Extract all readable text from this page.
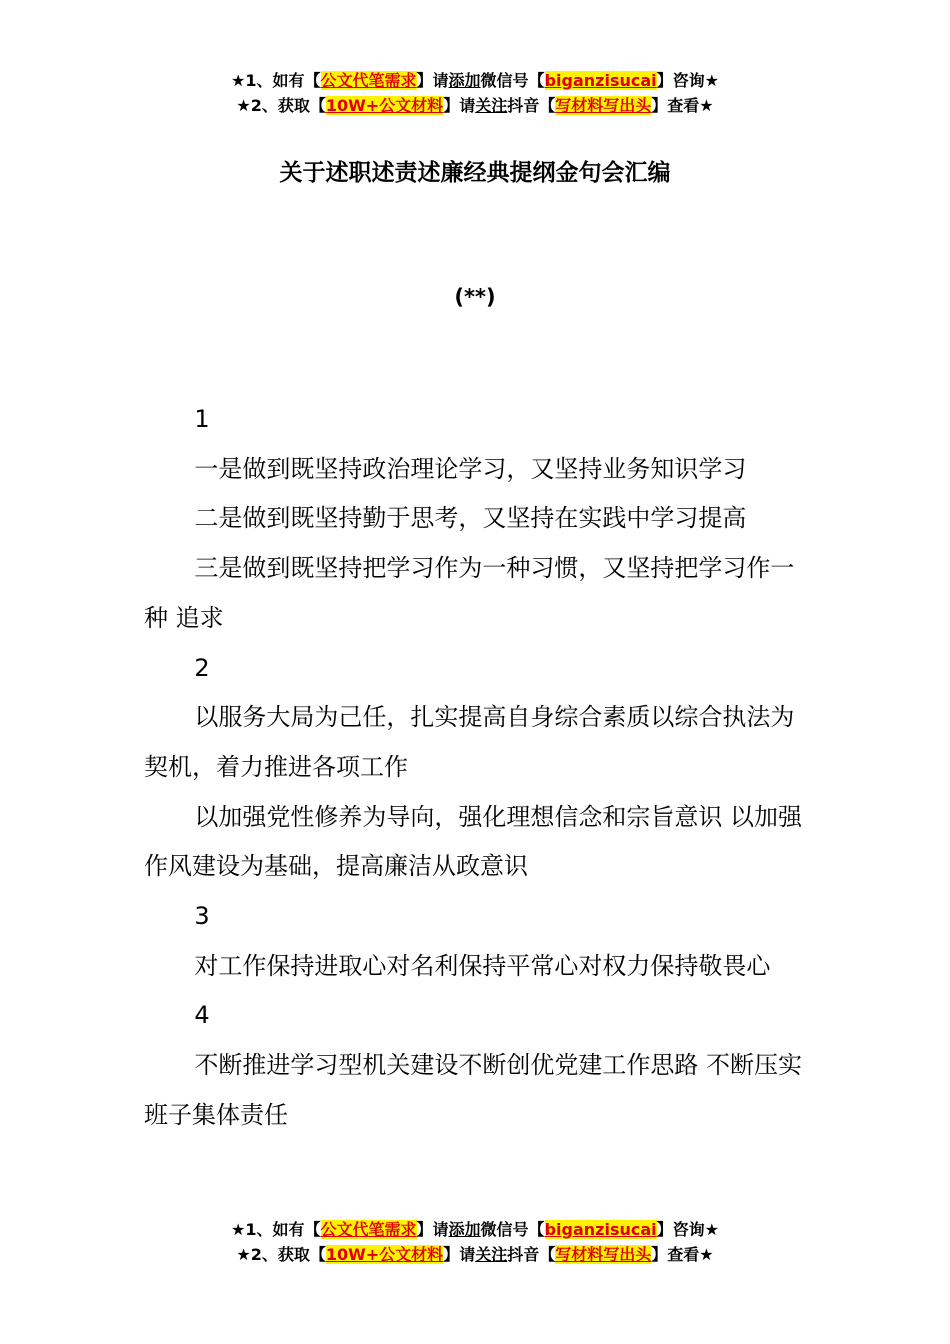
★1、如有【公文代笔需求】请添加微信号【biganzisucai】咨询★
★2、获取【10W+公文材料】请关注抖音【写材料写出头】查看★
关于述职述责述廉经典提纲金句会汇编
(**)

1

一是做到既坚持政治理论学习，又坚持业务知识学习

二是做到既坚持勤于思考，又坚持在实践中学习提高

三是做到既坚持把学习作为一种习惯，又坚持把学习作一种 追求

2

以服务大局为己任，扎实提高自身综合素质以综合执法为契机，着力推进各项工作

以加强党性修养为导向，强化理想信念和宗旨意识 以加强作风建设为基础，提高廉洁从政意识

3

对工作保持进取心对名利保持平常心对权力保持敬畏心

4

不断推进学习型机关建设不断创优党建工作思路 不断压实班子集体责任

★1、如有【公文代笔需求】请添加微信号【biganzisucai】咨询★
★2、获取【10W+公文材料】请关注抖音【写材料写出头】查看★
